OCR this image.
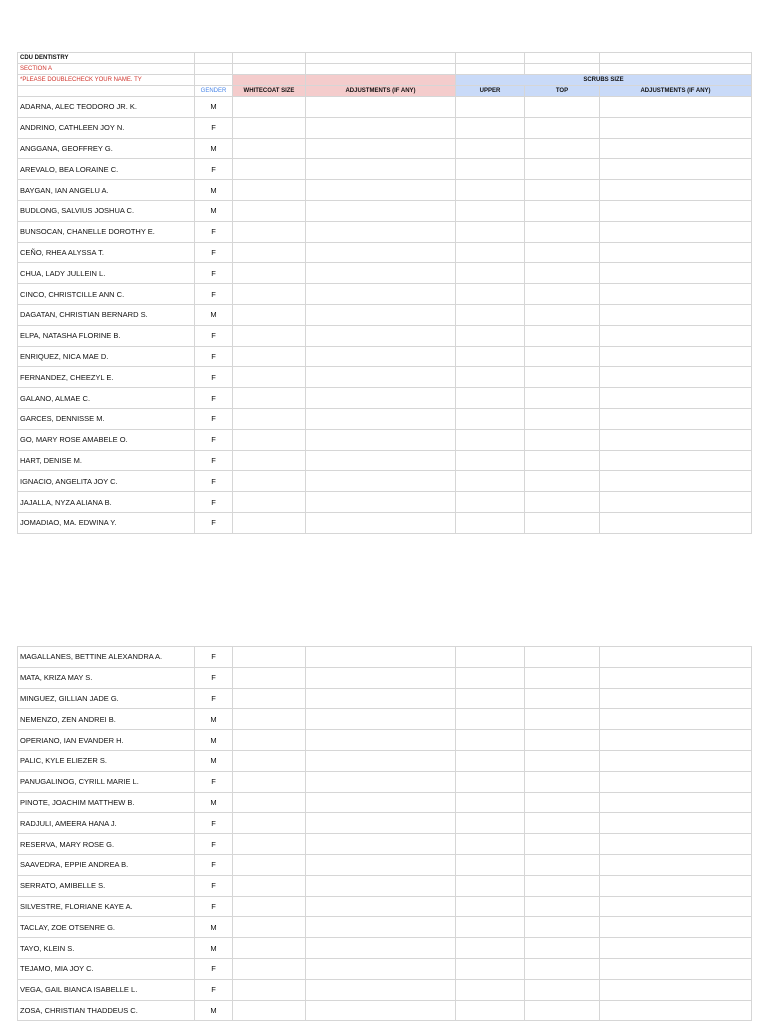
CDU DENTISTRY						
SECTION A						
*PLEASE DOUBLECHECK YOUR NAME. TY				SCRUBS SIZE		
	GENDER	WHITECOAT SIZE	ADJUSTMENTS (IF ANY)	UPPER	TOP	ADJUSTMENTS (IF ANY)
ADARNA, ALEC TEODORO JR. K.	M					
ANDRINO, CATHLEEN JOY N.	F					
ANGGANA, GEOFFREY G.	M					
AREVALO, BEA LORAINE C.	F					
BAYGAN, IAN ANGELU A.	M					
BUDLONG, SALVIUS JOSHUA C.	M					
BUNSOCAN, CHANELLE DOROTHY E.	F					
CEÑO, RHEA ALYSSA T.	F					
CHUA, LADY JULLEIN L.	F					
CINCO, CHRISTCILLE ANN C.	F					
DAGATAN, CHRISTIAN BERNARD S.	M					
ELPA, NATASHA FLORINE B.	F					
ENRIQUEZ, NICA MAE D.	F					
FERNANDEZ, CHEEZYL E.	F					
GALANO, ALMAE C.	F					
GARCES, DENNISSE M.	F					
GO, MARY ROSE AMABELE O.	F					
HART, DENISE M.	F					
IGNACIO, ANGELITA JOY C.	F					
JAJALLA, NYZA ALIANA B.	F					
JOMADIAO, MA. EDWINA Y.	F					
MAGALLANES, BETTINE ALEXANDRA A.	F					
MATA, KRIZA MAY S.	F					
MINGUEZ, GILLIAN JADE G.	F					
NEMENZO, ZEN ANDREI B.	M					
OPERIANO, IAN EVANDER H.	M					
PALIC, KYLE ELIEZER S.	M					
PANUGALINOG, CYRILL MARIE L.	F					
PINOTE, JOACHIM MATTHEW B.	M					
RADJULI, AMEERA HANA J.	F					
RESERVA, MARY ROSE G.	F					
SAAVEDRA, EPPIE ANDREA B.	F					
SERRATO, AMIBELLE S.	F					
SILVESTRE, FLORIANE KAYE A.	F					
TACLAY, ZOE OTSENRE G.	M					
TAYO, KLEIN S.	M					
TEJAMO, MIA JOY C.	F					
VEGA, GAIL BIANCA ISABELLE L.	F					
ZOSA, CHRISTIAN THADDEUS C.	M					
